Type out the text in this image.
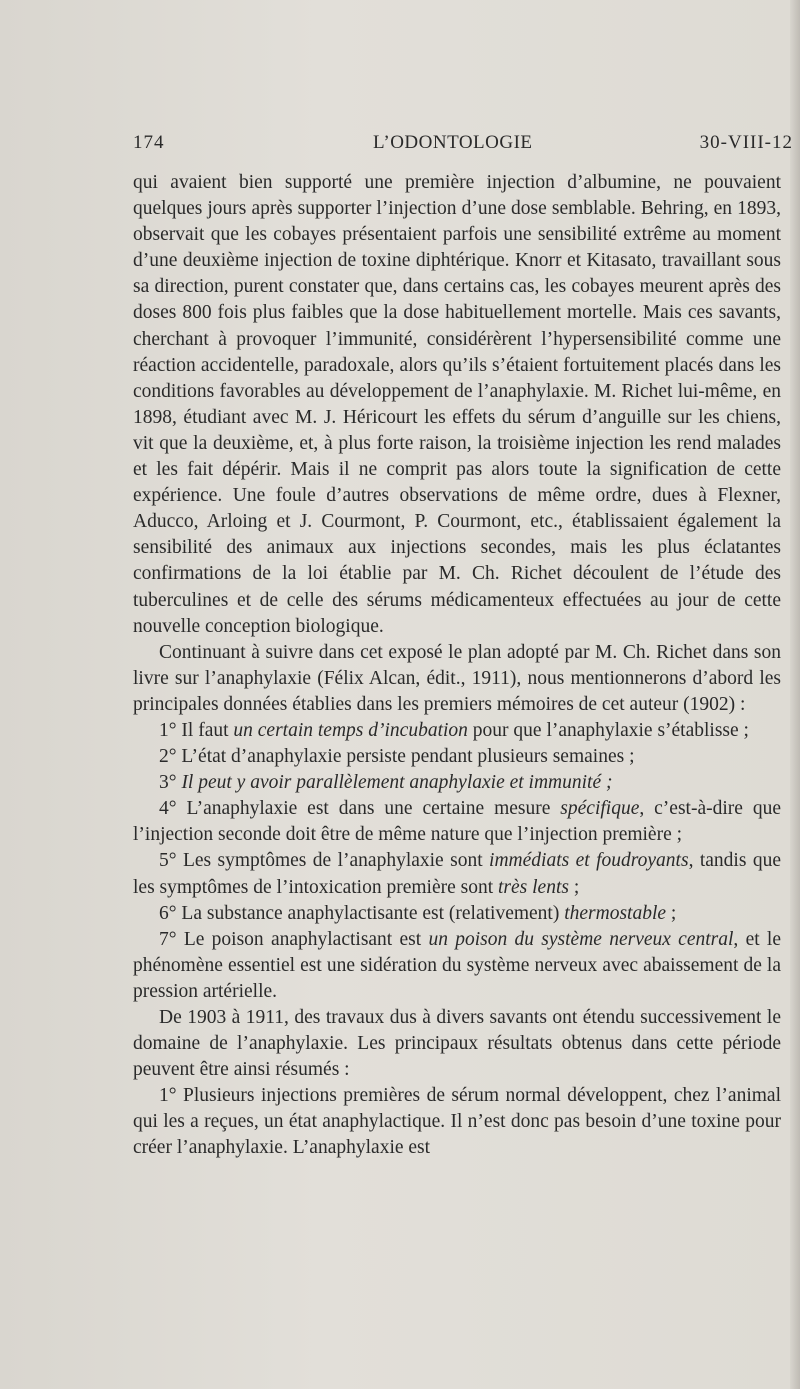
174	L’ODONTOLOGIE	30-VIII-12

qui avaient bien supporté une première injection d’albumine, ne pouvaient quelques jours après supporter l’injection d’une dose semblable. Behring, en 1893, observait que les cobayes présentaient parfois une sensibilité extrême au moment d’une deuxième injection de toxine diphtérique. Knorr et Kitasato, travaillant sous sa direction, purent constater que, dans certains cas, les cobayes meurent après des doses 800 fois plus faibles que la dose habituellement mortelle. Mais ces savants, cherchant à provoquer l’immunité, considérèrent l’hypersensibilité comme une réaction accidentelle, paradoxale, alors qu’ils s’étaient fortuitement placés dans les conditions favorables au développement de l’anaphylaxie. M. Richet lui-même, en 1898, étudiant avec M. J. Héricourt les effets du sérum d’anguille sur les chiens, vit que la deuxième, et, à plus forte raison, la troisième injection les rend malades et les fait dépérir. Mais il ne comprit pas alors toute la signification de cette expérience. Une foule d’autres observations de même ordre, dues à Flexner, Aducco, Arloing et J. Courmont, P. Courmont, etc., établissaient également la sensibilité des animaux aux injections secondes, mais les plus éclatantes confirmations de la loi établie par M. Ch. Richet découlent de l’étude des tuberculines et de celle des sérums médicamenteux effectuées au jour de cette nouvelle conception biologique.

Continuant à suivre dans cet exposé le plan adopté par M. Ch. Richet dans son livre sur l’anaphylaxie (Félix Alcan, édit., 1911), nous mentionnerons d’abord les principales données établies dans les premiers mémoires de cet auteur (1902) :

1° Il faut un certain temps d’incubation pour que l’anaphylaxie s’établisse ;

2° L’état d’anaphylaxie persiste pendant plusieurs semaines ;

3° Il peut y avoir parallèlement anaphylaxie et immunité ;

4° L’anaphylaxie est dans une certaine mesure spécifique, c’est-à-dire que l’injection seconde doit être de même nature que l’injection première ;

5° Les symptômes de l’anaphylaxie sont immédiats et foudroyants, tandis que les symptômes de l’intoxication première sont très lents ;

6° La substance anaphylactisante est (relativement) thermostable ;

7° Le poison anaphylactisant est un poison du système nerveux central, et le phénomène essentiel est une sidération du système nerveux avec abaissement de la pression artérielle.

De 1903 à 1911, des travaux dus à divers savants ont étendu successivement le domaine de l’anaphylaxie. Les principaux résultats obtenus dans cette période peuvent être ainsi résumés :

1° Plusieurs injections premières de sérum normal développent, chez l’animal qui les a reçues, un état anaphylactique. Il n’est donc pas besoin d’une toxine pour créer l’anaphylaxie. L’anaphylaxie est
